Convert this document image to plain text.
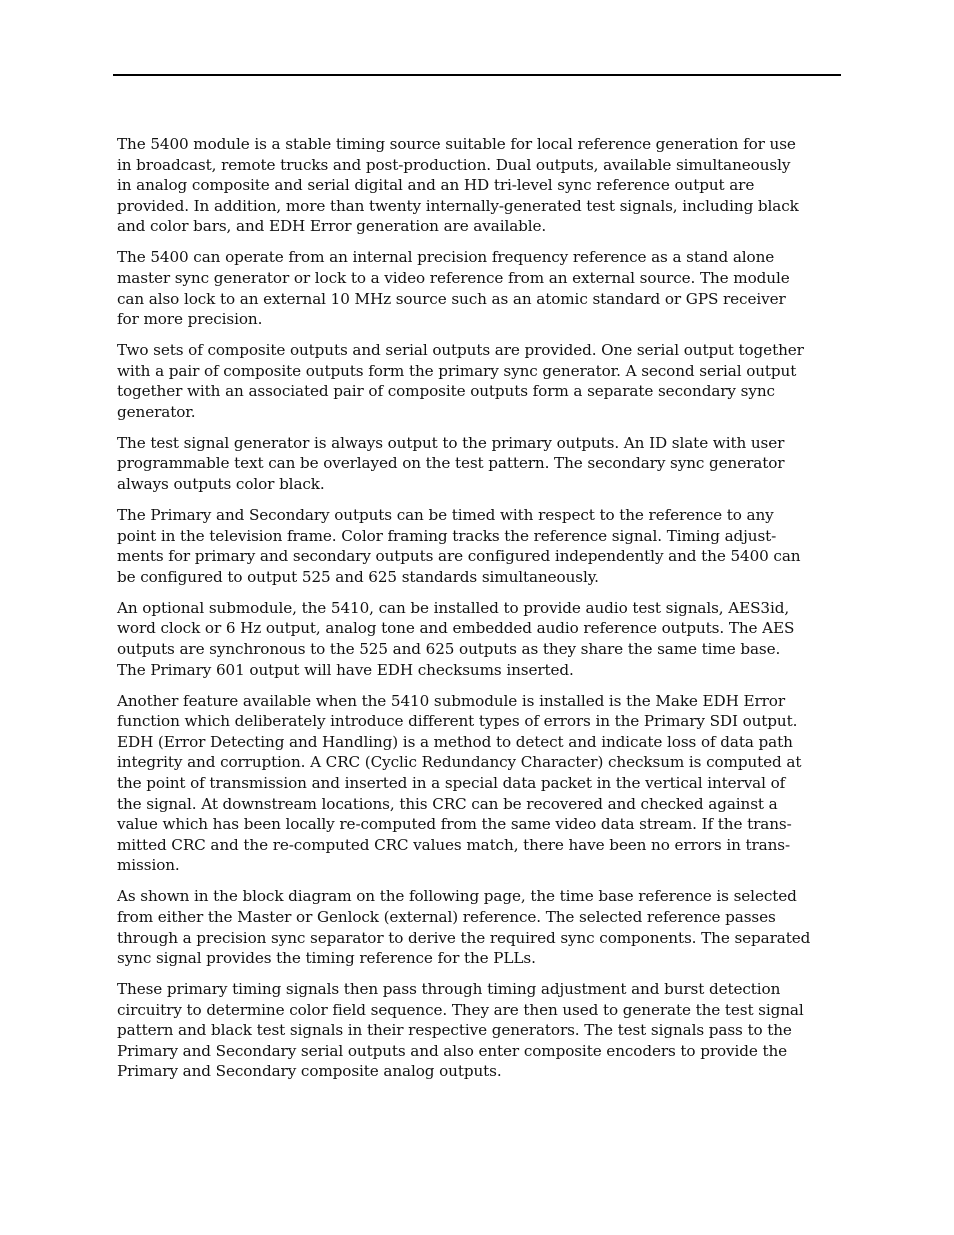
The 5400 module is a stable timing source suitable for local reference generation for use
in broadcast, remote trucks and post-production. Dual outputs, available simultaneously
in analog composite and serial digital and an HD tri-level sync reference output are
provided. In addition, more than twenty internally-generated test signals, including black
and color bars, and EDH Error generation are available.

The 5400 can operate from an internal precision frequency reference as a stand alone
master sync generator or lock to a video reference from an external source. The module
can also lock to an external 10 MHz source such as an atomic standard or GPS receiver
for more precision.

Two sets of composite outputs and serial outputs are provided. One serial output together
with a pair of composite outputs form the primary sync generator. A second serial output
together with an associated pair of composite outputs form a separate secondary sync
generator.

The test signal generator is always output to the primary outputs. An ID slate with user
programmable text can be overlayed on the test pattern. The secondary sync generator
always outputs color black.

The Primary and Secondary outputs can be timed with respect to the reference to any
point in the television frame. Color framing tracks the reference signal. Timing adjust-
ments for primary and secondary outputs are configured independently and the 5400 can
be configured to output 525 and 625 standards simultaneously.

An optional submodule, the 5410, can be installed to provide audio test signals, AES3id,
word clock or 6 Hz output, analog tone and embedded audio reference outputs. The AES
outputs are synchronous to the 525 and 625 outputs as they share the same time base.
The Primary 601 output will have EDH checksums inserted.

Another feature available when the 5410 submodule is installed is the Make EDH Error
function which deliberately introduce different types of errors in the Primary SDI output.
EDH (Error Detecting and Handling) is a method to detect and indicate loss of data path
integrity and corruption. A CRC (Cyclic Redundancy Character) checksum is computed at
the point of transmission and inserted in a special data packet in the vertical interval of
the signal. At downstream locations, this CRC can be recovered and checked against a
value which has been locally re-computed from the same video data stream. If the trans-
mitted CRC and the re-computed CRC values match, there have been no errors in trans-
mission.

As shown in the block diagram on the following page, the time base reference is selected
from either the Master or Genlock (external) reference. The selected reference passes
through a precision sync separator to derive the required sync components. The separated
sync signal provides the timing reference for the PLLs.

These primary timing signals then pass through timing adjustment and burst detection
circuitry to determine color field sequence. They are then used to generate the test signal
pattern and black test signals in their respective generators. The test signals pass to the
Primary and Secondary serial outputs and also enter composite encoders to provide the
Primary and Secondary composite analog outputs.
